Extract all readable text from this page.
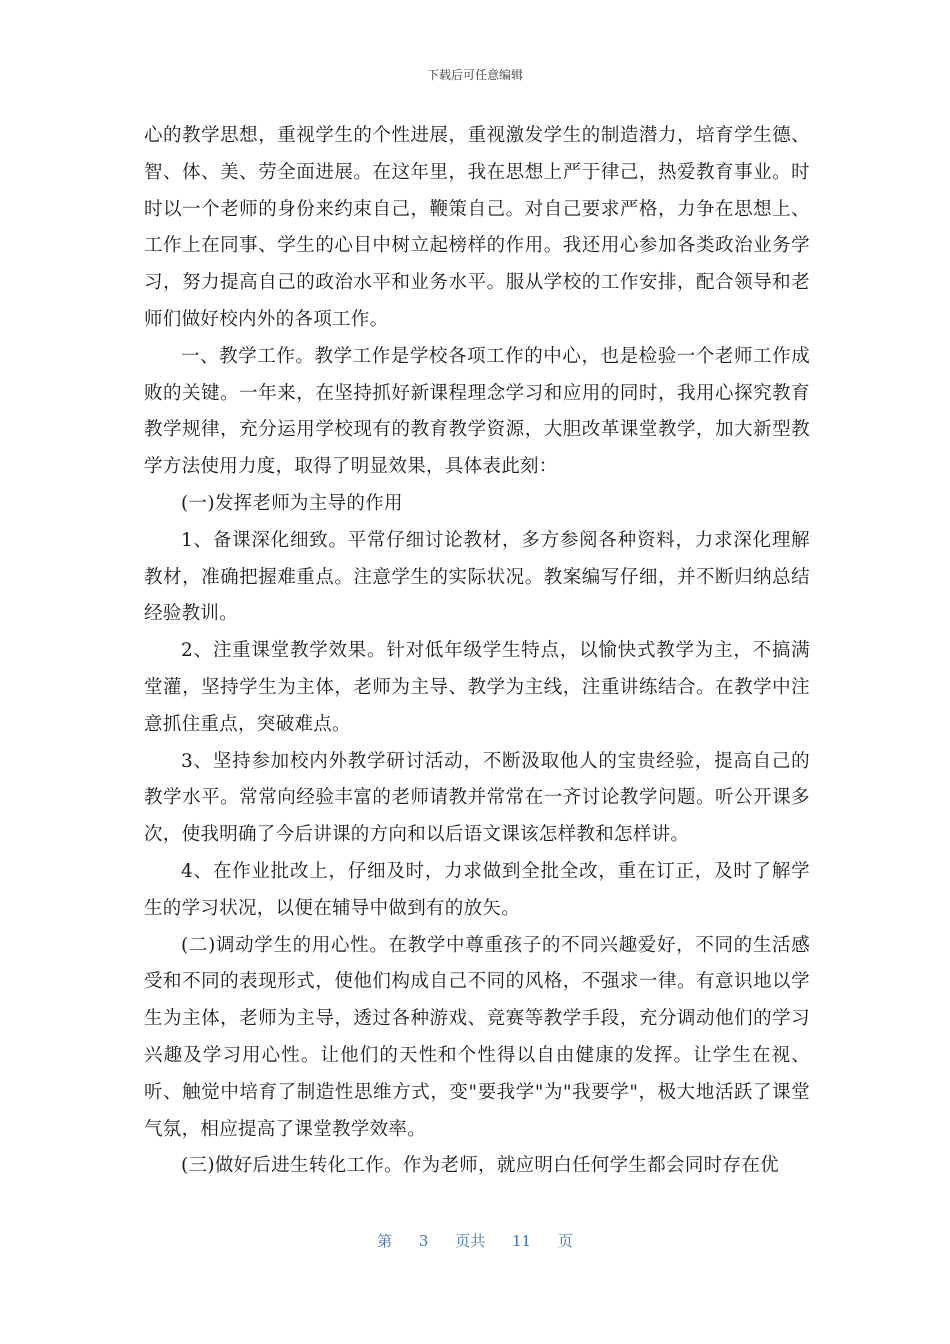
下载后可任意编辑

心的教学思想，重视学生的个性进展，重视激发学生的制造潜力，培育学生德、智、体、美、劳全面进展。在这年里，我在思想上严于律己，热爱教育事业。时时以一个老师的身份来约束自己，鞭策自己。对自己要求严格，力争在思想上、工作上在同事、学生的心目中树立起榜样的作用。我还用心参加各类政治业务学习，努力提高自己的政治水平和业务水平。服从学校的工作安排，配合领导和老师们做好校内外的各项工作。

一、教学工作。教学工作是学校各项工作的中心，也是检验一个老师工作成败的关键。一年来，在坚持抓好新课程理念学习和应用的同时，我用心探究教育教学规律，充分运用学校现有的教育教学资源，大胆改革课堂教学，加大新型教学方法使用力度，取得了明显效果，具体表此刻：

(一)发挥老师为主导的作用

1、备课深化细致。平常仔细讨论教材，多方参阅各种资料，力求深化理解教材，准确把握难重点。注意学生的实际状况。教案编写仔细，并不断归纳总结经验教训。

2、注重课堂教学效果。针对低年级学生特点，以愉快式教学为主，不搞满堂灌，坚持学生为主体，老师为主导、教学为主线，注重讲练结合。在教学中注意抓住重点，突破难点。

3、坚持参加校内外教学研讨活动，不断汲取他人的宝贵经验，提高自己的教学水平。常常向经验丰富的老师请教并常常在一齐讨论教学问题。听公开课多次，使我明确了今后讲课的方向和以后语文课该怎样教和怎样讲。

4、在作业批改上，仔细及时，力求做到全批全改，重在订正，及时了解学生的学习状况，以便在辅导中做到有的放矢。

(二)调动学生的用心性。在教学中尊重孩子的不同兴趣爱好，不同的生活感受和不同的表现形式，使他们构成自己不同的风格，不强求一律。有意识地以学生为主体，老师为主导，透过各种游戏、竞赛等教学手段，充分调动他们的学习兴趣及学习用心性。让他们的天性和个性得以自由健康的发挥。让学生在视、听、触觉中培育了制造性思维方式，变"要我学"为"我要学"，极大地活跃了课堂气氛，相应提高了课堂教学效率。

(三)做好后进生转化工作。作为老师，就应明白任何学生都会同时存在优

第 3 页共 11 页
